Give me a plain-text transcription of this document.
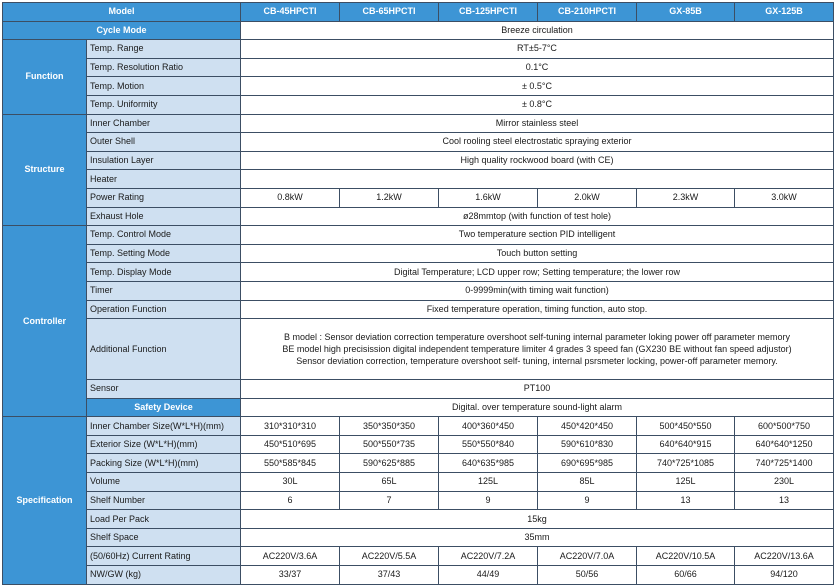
Model		CB-45HPCTI	CB-65HPCTI	CB-125HPCTI	CB-210HPCTI	GX-85B	GX-125B
Cycle Mode		Breeze circulation					
Function	Temp. Range	RT±5-7°C					
	Temp. Resolution Ratio	0.1°C					
	Temp. Motion	± 0.5°C					
	Temp. Uniformity	± 0.8°C					
Structure	Inner Chamber	Mirror stainless steel					
	Outer Shell	Cool rooling steel electrostatic spraying exterior					
	Insulation Layer	High quality rockwood board (with CE)					
	Heater						
	Power Rating	0.8kW	1.2kW	1.6kW	2.0kW	2.3kW	3.0kW
	Exhaust Hole	ø28mmtop (with function of test hole)					
Controller	Temp. Control Mode	Two temperature section PID intelligent					
	Temp. Setting Mode	Touch button setting					
	Temp. Display Mode	Digital Temperature; LCD upper row; Setting temperature; the lower row					
	Timer	0-9999min(with timing wait function)					
	Operation Function	Fixed temperature operation, timing function, auto stop.					
	Additional Function	B model : Sensor deviation correction temperature overshoot self-tuning internal parameter loking power off parameter memory
BE model high precisission digital independent temperature limiter 4 grades 3 speed fan (GX230 BE without fan speed adjustor)
Sensor deviation correction, temperature overshoot self- tuning, internal psrsmeter locking, power-off parameter memory.					

	Sensor	PT100					
	Safety Device	Digital. over temperature sound-light alarm					
Specification	Inner Chamber Size(W*L*H)(mm)	310*310*310	350*350*350	400*360*450	450*420*450	500*450*550	600*500*750
	Exterior Size (W*L*H)(mm)	450*510*695	500*550*735	550*550*840	590*610*830	640*640*915	640*640*1250
	Packing Size (W*L*H)(mm)	550*585*845	590*625*885	640*635*985	690*695*985	740*725*1085	740*725*1400
	Volume	30L	65L	125L	85L	125L	230L
	Shelf Number	6	7	9	9	13	13
	Load Per Pack	15kg					
	Shelf Space	35mm					
	(50/60Hz) Current Rating	AC220V/3.6A	AC220V/5.5A	AC220V/7.2A	AC220V/7.0A	AC220V/10.5A	AC220V/13.6A
	NW/GW (kg)	33/37	37/43	44/49	50/56	60/66	94/120
